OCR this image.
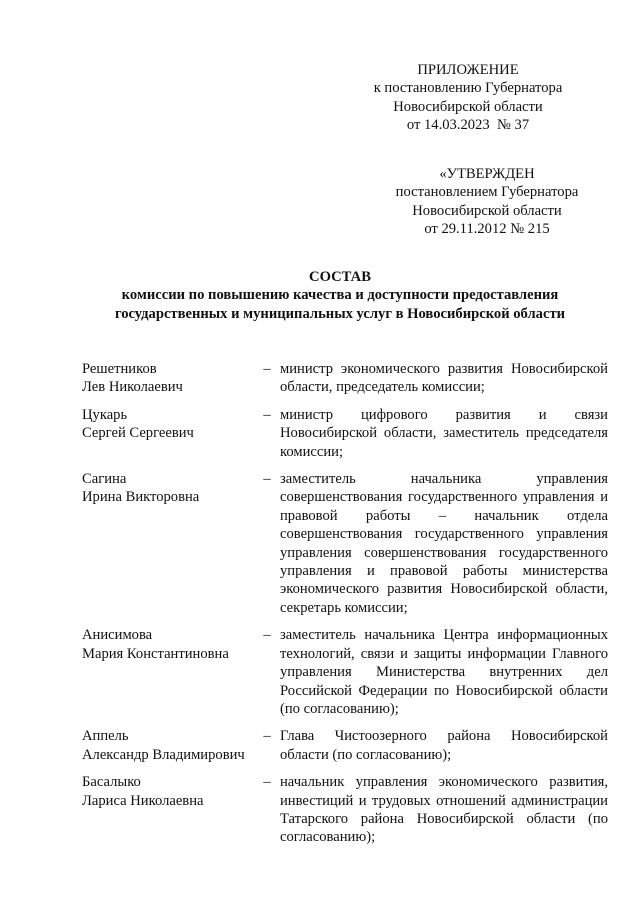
ПРИЛОЖЕНИЕ
к постановлению Губернатора
Новосибирской области
от 14.03.2023  № 37
«УТВЕРЖДЕН
постановлением Губернатора
Новосибирской области
от 29.11.2012 № 215
СОСТАВ
комиссии по повышению качества и доступности предоставления
государственных и муниципальных услуг в Новосибирской области
Решетников
Лев Николаевич
– министр экономического развития Новосибирской области, председатель комиссии;
Цукарь
Сергей Сергеевич
– министр цифрового развития и связи Новосибирской области, заместитель председателя комиссии;
Сагина
Ирина Викторовна
– заместитель начальника управления совершенствования государственного управления и правовой работы – начальник отдела совершенствования государственного управления управления совершенствования государственного управления и правовой работы министерства экономического развития Новосибирской области, секретарь комиссии;
Анисимова
Мария Константиновна
– заместитель начальника Центра информационных технологий, связи и защиты информации Главного управления Министерства внутренних дел Российской Федерации по Новосибирской области (по согласованию);
Аппель
Александр Владимирович
– Глава Чистоозерного района Новосибирской области (по согласованию);
Басалыко
Лариса Николаевна
– начальник управления экономического развития, инвестиций и трудовых отношений администрации Татарского района Новосибирской области (по согласованию);
